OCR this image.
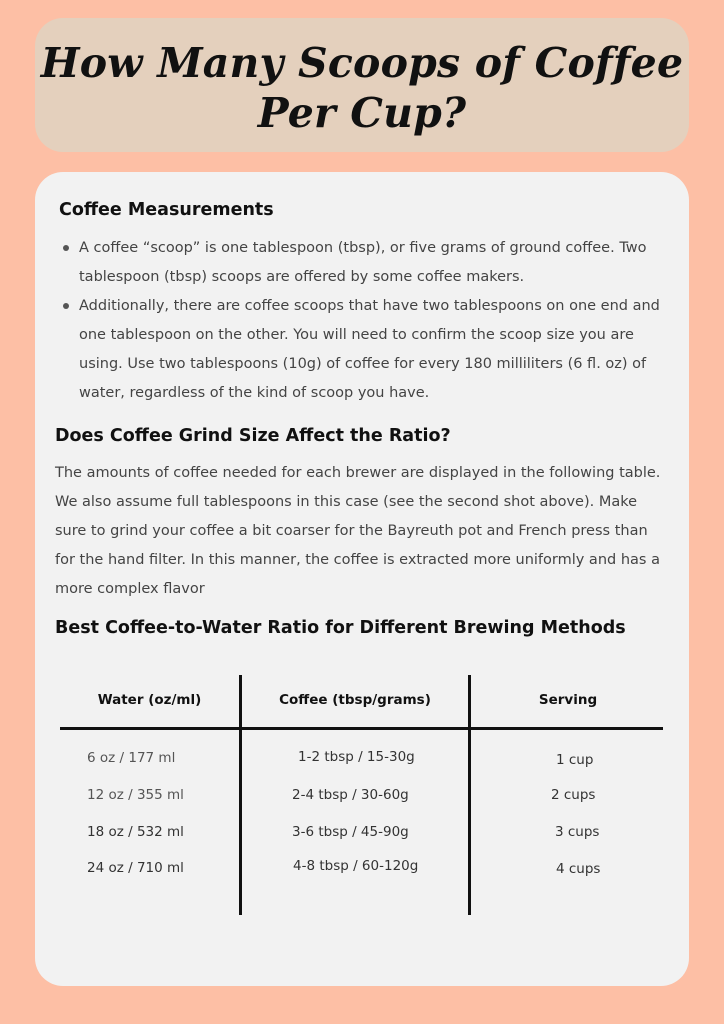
How Many Scoops of Coffee Per Cup?
Coffee Measurements
A coffee “scoop” is one tablespoon (tbsp), or five grams of ground coffee. Two tablespoon (tbsp) scoops are offered by some coffee makers.
Additionally, there are coffee scoops that have two tablespoons on one end and one tablespoon on the other. You will need to confirm the scoop size you are using. Use two tablespoons (10g) of coffee for every 180 milliliters (6 fl. oz) of water, regardless of the kind of scoop you have.
Does Coffee Grind Size Affect the Ratio?

The amounts of coffee needed for each brewer are displayed in the following table. We also assume full tablespoons in this case (see the second shot above). Make sure to grind your coffee a bit coarser for the Bayreuth pot and French press than for the hand filter. In this manner, the coffee is extracted more uniformly and has a more complex flavor

Best Coffee-to-Water Ratio for Different Brewing Methods
Water (oz/ml)	Coffee (tbsp/grams)	Serving
6 oz / 177 ml	1-2 tbsp / 15-30g	1 cup
12 oz / 355 ml	2-4 tbsp / 30-60g	2 cups
18 oz / 532 ml	3-6 tbsp / 45-90g	3 cups
24 oz / 710 ml	4-8 tbsp / 60-120g	4 cups
